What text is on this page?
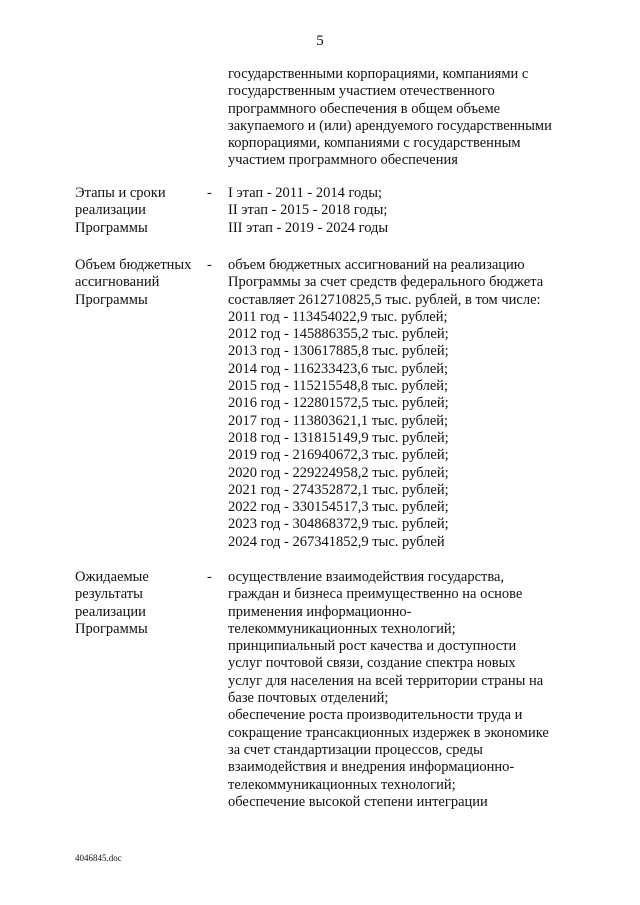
5
государственными корпорациями, компаниями с
государственным участием отечественного
программного обеспечения в общем объеме
закупаемого и (или) арендуемого государственными
корпорациями, компаниями с государственным
участием программного обеспечения
Этапы и сроки
реализации
Программы
- I этап - 2011 - 2014 годы;
II этап - 2015 - 2018 годы;
III этап - 2019 - 2024 годы
Объем бюджетных
ассигнований
Программы
- объем бюджетных ассигнований на реализацию
Программы за счет средств федерального бюджета
составляет 2612710825,5 тыс. рублей, в том числе:
2011 год - 113454022,9 тыс. рублей;
2012 год - 145886355,2 тыс. рублей;
2013 год - 130617885,8 тыс. рублей;
2014 год - 116233423,6 тыс. рублей;
2015 год - 115215548,8 тыс. рублей;
2016 год - 122801572,5 тыс. рублей;
2017 год - 113803621,1 тыс. рублей;
2018 год - 131815149,9 тыс. рублей;
2019 год - 216940672,3 тыс. рублей;
2020 год - 229224958,2 тыс. рублей;
2021 год - 274352872,1 тыс. рублей;
2022 год - 330154517,3 тыс. рублей;
2023 год - 304868372,9 тыс. рублей;
2024 год - 267341852,9 тыс. рублей
Ожидаемые
результаты
реализации
Программы
- осуществление взаимодействия государства,
граждан и бизнеса преимущественно на основе
применения информационно-
телекоммуникационных технологий;
принципиальный рост качества и доступности
услуг почтовой связи, создание спектра новых
услуг для населения на всей территории страны на
базе почтовых отделений;
обеспечение роста производительности труда и
сокращение трансакционных издержек в экономике
за счет стандартизации процессов, среды
взаимодействия и внедрения информационно-
телекоммуникационных технологий;
обеспечение высокой степени интеграции
4046845.doc
